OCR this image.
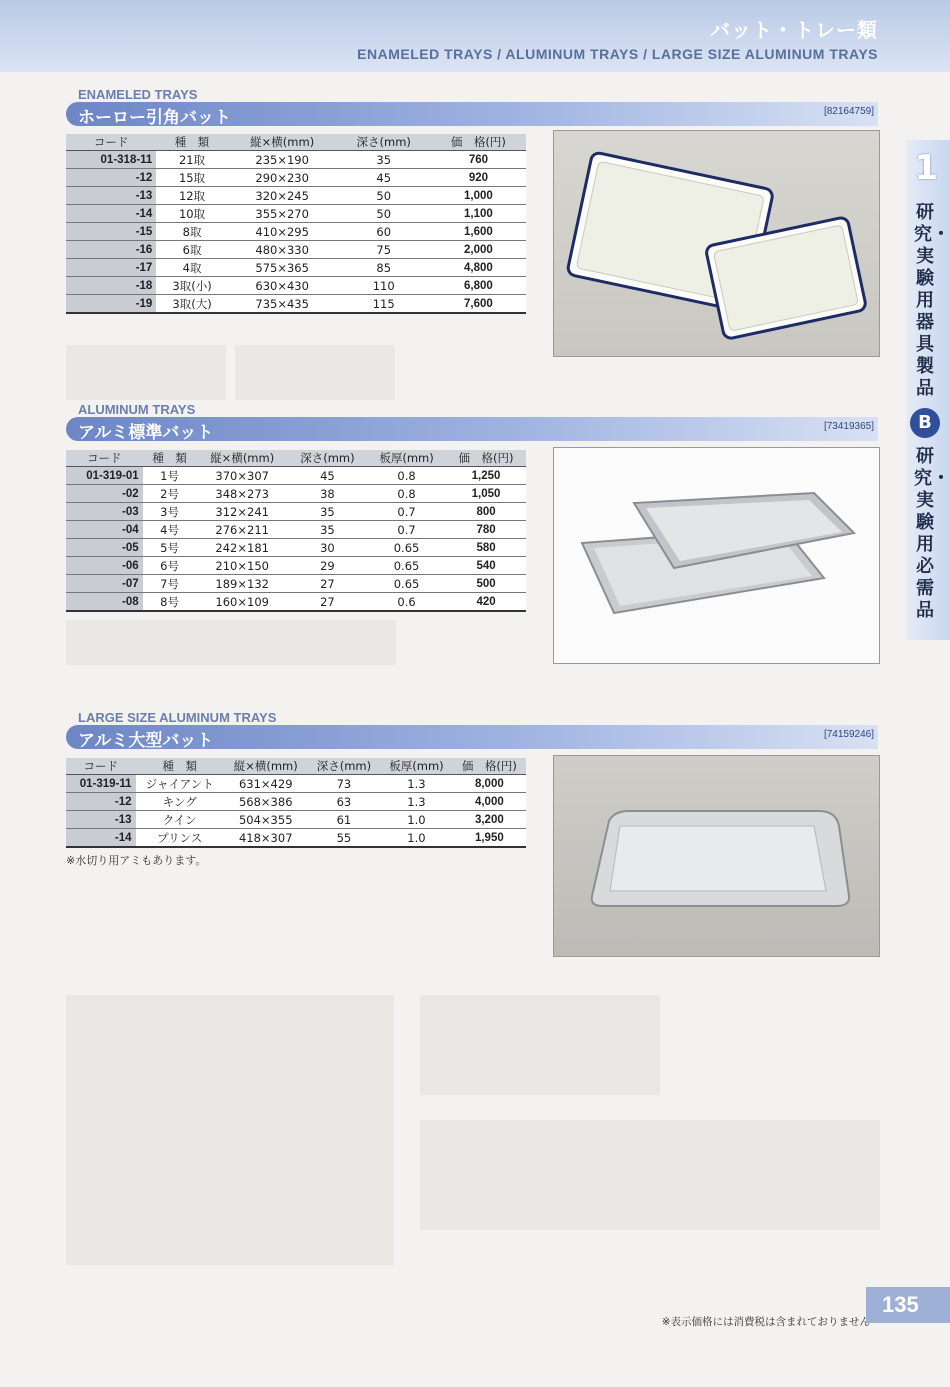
バット・トレー類
ENAMELED TRAYS / ALUMINUM TRAYS / LARGE SIZE ALUMINUM TRAYS
1
研究・実験用器具製品
B
研究・実験用必需品
ENAMELED TRAYS
ホーロー引角バット	[82164759]
コード	種　類	縦×横(mm)	深さ(mm)	価　格(円)
01-318-11	21取	235×190	35	760
-12	15取	290×230	45	920
-13	12取	320×245	50	1,000
-14	10取	355×270	50	1,100
-15	8取	410×295	60	1,600
-16	6取	480×330	75	2,000
-17	4取	575×365	85	4,800
-18	3取(小)	630×430	110	6,800
-19	3取(大)	735×435	115	7,600
ALUMINUM TRAYS
アルミ標準バット	[73419365]
コード	種　類	縦×横(mm)	深さ(mm)	板厚(mm)	価　格(円)
01-319-01	1号	370×307	45	0.8	1,250
-02	2号	348×273	38	0.8	1,050
-03	3号	312×241	35	0.7	800
-04	4号	276×211	35	0.7	780
-05	5号	242×181	30	0.65	580
-06	6号	210×150	29	0.65	540
-07	7号	189×132	27	0.65	500
-08	8号	160×109	27	0.6	420
LARGE SIZE ALUMINUM TRAYS
アルミ大型バット	[74159246]
コード	種　類	縦×横(mm)	深さ(mm)	板厚(mm)	価　格(円)
01-319-11	ジャイアント	631×429	73	1.3	8,000
-12	キング	568×386	63	1.3	4,000
-13	クイン	504×355	61	1.0	3,200
-14	プリンス	418×307	55	1.0	1,950
※水切り用アミもあります。
135
※表示価格には消費税は含まれておりません
